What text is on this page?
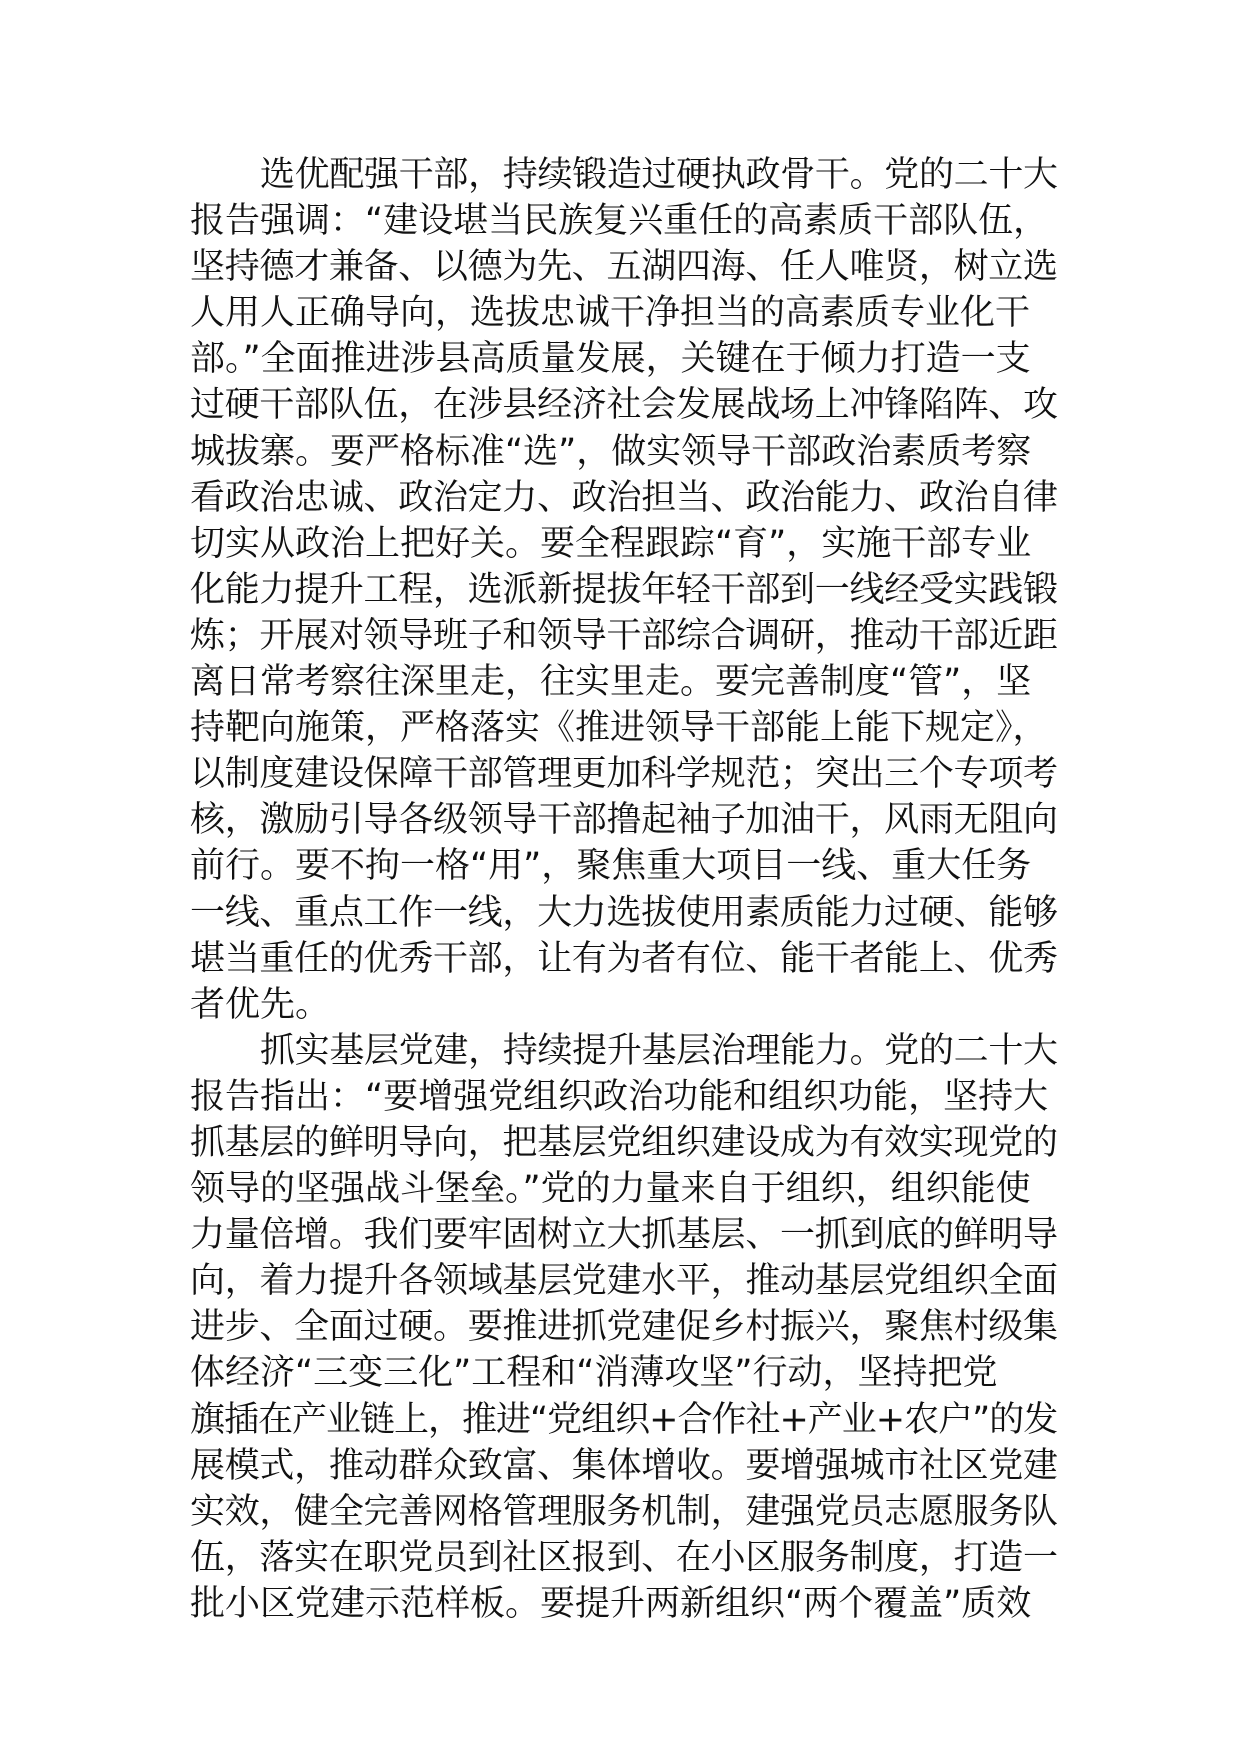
选优配强干部，持续锻造过硬执政骨干。党的二十大
报告强调：“建设堪当民族复兴重任的高素质干部队伍，
坚持德才兼备、以德为先、五湖四海、任人唯贤，树立选
人用人正确导向，选拔忠诚干净担当的高素质专业化干
部。”全面推进涉县高质量发展，关键在于倾力打造一支
过硬干部队伍，在涉县经济社会发展战场上冲锋陷阵、攻
城拔寨。要严格标准“选”，做实领导干部政治素质考察
看政治忠诚、政治定力、政治担当、政治能力、政治自律
切实从政治上把好关。要全程跟踪“育”，实施干部专业
化能力提升工程，选派新提拔年轻干部到一线经受实践锻
炼；开展对领导班子和领导干部综合调研，推动干部近距
离日常考察往深里走，往实里走。要完善制度“管”，坚
持靶向施策，严格落实《推进领导干部能上能下规定》，
以制度建设保障干部管理更加科学规范；突出三个专项考
核，激励引导各级领导干部撸起袖子加油干，风雨无阻向
前行。要不拘一格“用”，聚焦重大项目一线、重大任务
一线、重点工作一线，大力选拔使用素质能力过硬、能够
堪当重任的优秀干部，让有为者有位、能干者能上、优秀
者优先。
抓实基层党建，持续提升基层治理能力。党的二十大
报告指出：“要增强党组织政治功能和组织功能，坚持大
抓基层的鲜明导向，把基层党组织建设成为有效实现党的
领导的坚强战斗堡垒。”党的力量来自于组织，组织能使
力量倍增。我们要牢固树立大抓基层、一抓到底的鲜明导
向，着力提升各领域基层党建水平，推动基层党组织全面
进步、全面过硬。要推进抓党建促乡村振兴，聚焦村级集
体经济“三变三化”工程和“消薄攻坚”行动，坚持把党
旗插在产业链上，推进“党组织+合作社+产业+农户”的发
展模式，推动群众致富、集体增收。要增强城市社区党建
实效，健全完善网格管理服务机制，建强党员志愿服务队
伍，落实在职党员到社区报到、在小区服务制度，打造一
批小区党建示范样板。要提升两新组织“两个覆盖”质效
